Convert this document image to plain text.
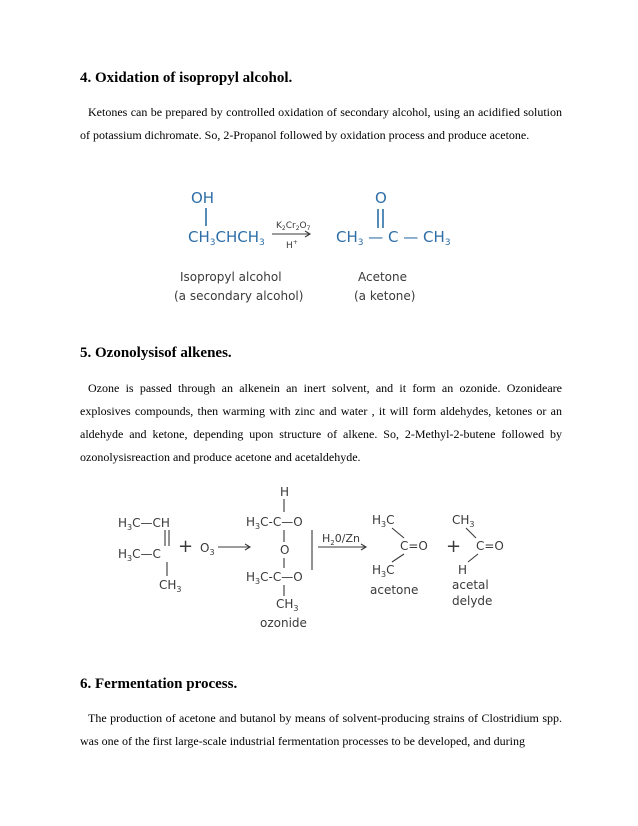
4. Oxidation of isopropyl alcohol.

Ketones can be prepared by controlled oxidation of secondary alcohol, using an acidified solution of potassium dichromate. So, 2-Propanol followed by oxidation process and produce acetone.

OH
$CH_3CHCH_3$
$K_2Cr_2O_7$
H+
O
$CH_3$ — C — $CH_3$
Isopropyl alcohol
(a secondary alcohol)
Acetone
(a ketone)
5. Ozonolysisof alkenes.

Ozone is passed through an alkenein an inert solvent, and it form an ozonide. Ozonideare explosives compounds, then warming with zinc and water , it will form aldehydes, ketones or an aldehyde and ketone, depending upon structure of alkene. So, 2-Methyl-2-butene followed by ozonolysisreaction and produce acetone and acetaldehyde.

$H_3C—CH$
$H_3C—C$
$CH_3$
+ $O_3$
H
$H_3C-C—O$
O
$H_3C-C—O$
$CH_3$
ozonide
$H_20/Zn$
$H_3C$
C=O
$H_3C$
acetone
+
$CH_3$
C=O
H
acetal
delyde
6. Fermentation process.

The production of acetone and butanol by means of solvent-producing strains of Clostridium spp. was one of the first large-scale industrial fermentation processes to be developed, and during
